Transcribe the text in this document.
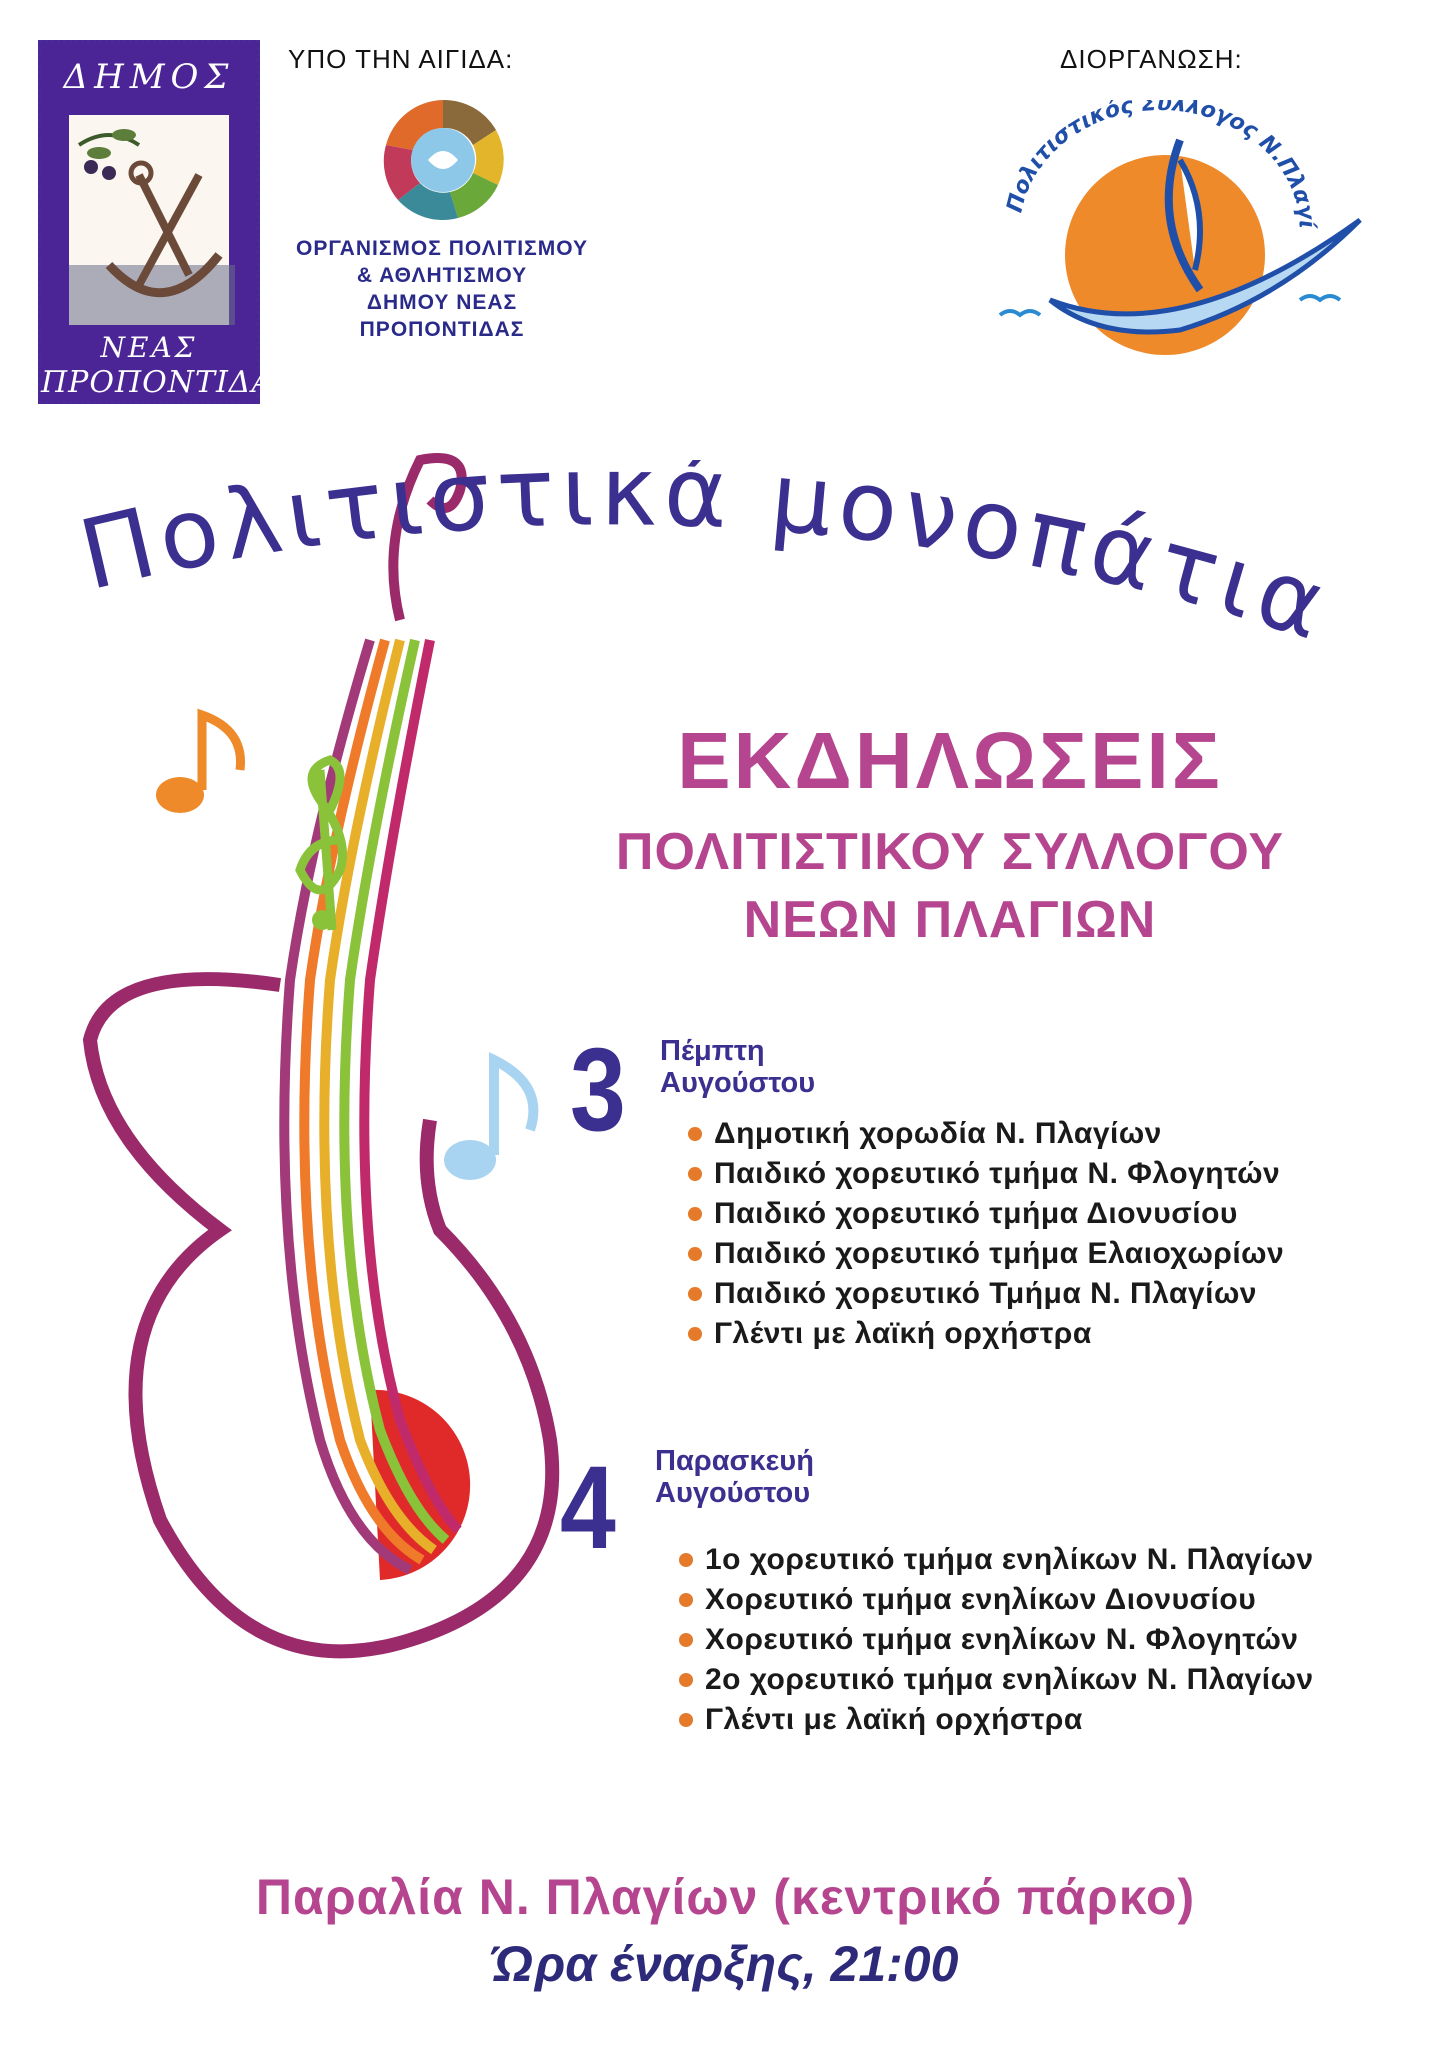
ΔΗΜΟΣ
ΝΕΑΣ
ΠΡΟΠΟΝΤΙΔΑΣ
ΥΠΟ ΤΗΝ ΑΙΓΙΔΑ:
ΟΡΓΑΝΙΣΜΟΣ ΠΟΛΙΤΙΣΜΟΥ
& ΑΘΛΗΤΙΣΜΟΥ
ΔΗΜΟΥ ΝΕΑΣ ΠΡΟΠΟΝΤΙΔΑΣ
ΔΙΟΡΓΑΝΩΣΗ:
Πολιτιστικός Σύλλογος Ν.Πλαγί
Πολιτιστικά μονοπάτια
ΕΚΔΗΛΩΣΕΙΣ
ΠΟΛΙΤΙΣΤΙΚΟΥ ΣΥΛΛΟΓΟΥ
ΝΕΩΝ ΠΛΑΓΙΩΝ
3 Πέμπτη
Αυγούστου
Δημοτική χορωδία Ν. Πλαγίων
Παιδικό χορευτικό τμήμα Ν. Φλογητών
Παιδικό χορευτικό τμήμα Διονυσίου
Παιδικό χορευτικό τμήμα Ελαιοχωρίων
Παιδικό χορευτικό Τμήμα Ν. Πλαγίων
Γλέντι με λαϊκή ορχήστρα
4 Παρασκευή
Αυγούστου
1ο χορευτικό τμήμα ενηλίκων Ν. Πλαγίων
Χορευτικό τμήμα ενηλίκων Διονυσίου
Χορευτικό τμήμα ενηλίκων Ν. Φλογητών
2ο χορευτικό τμήμα ενηλίκων Ν. Πλαγίων
Γλέντι με λαϊκή ορχήστρα
Παραλία Ν. Πλαγίων (κεντρικό πάρκο)
Ώρα έναρξης, 21:00
